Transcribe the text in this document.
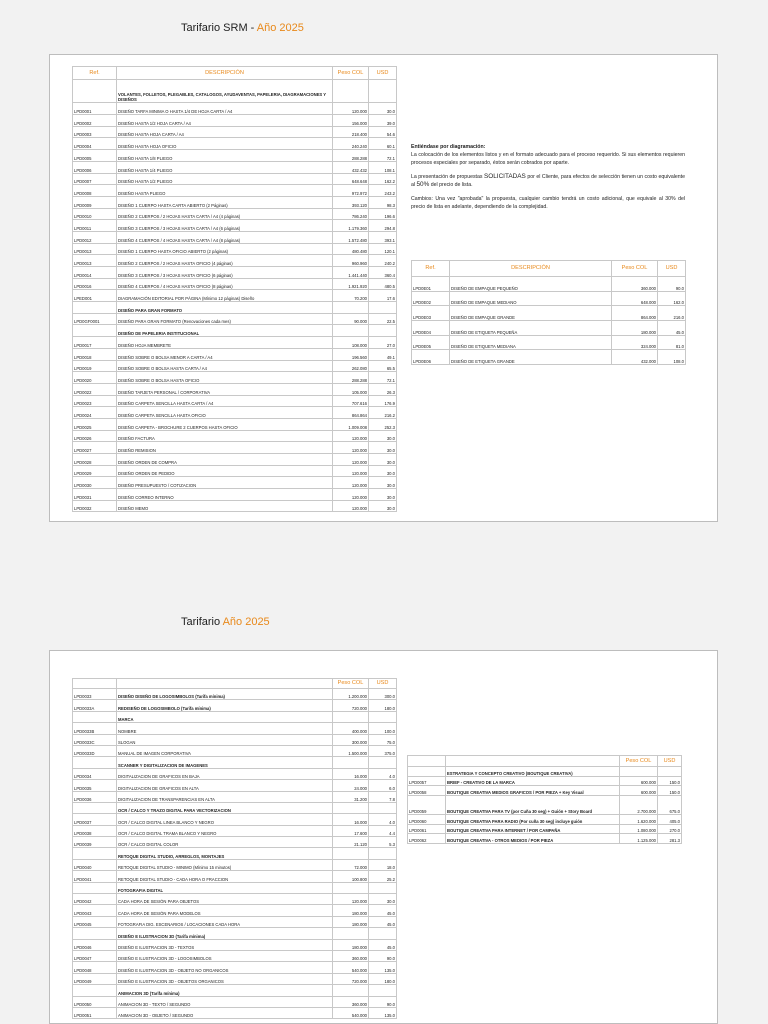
Tarifario SRM - Año 2025
Ref.	DESCRIPCIÓN	Peso COL	USD
	VOLANTES, FOLLETOS, PLEGABLES, CATALOGOS, AYUDAVENTAS, PAPELERIA, DIAGRAMACIONES Y DISEÑOS		
LPD0001	DISEÑO TARFA MINIMA O HASTA 1/4 DE HOJA CARTA / A4	120.000	30.0
LPD0002	DISEÑO HASTA 1/2 HOJA CARTA / A4	156.000	39.0
LPD0003	DISEÑO HASTA HOJA CARTA / A4	218.400	54.6
LPD0004	DISEÑO HASTA HOJA OFICIO	240.240	60.1
LPD0005	DISEÑO HASTA 1/8 PLIEGO	288.288	72.1
LPD0006	DISEÑO HASTA 1/4 PLIEGO	432.432	108.1
LPD0007	DISEÑO HASTA 1/2 PLIEGO	648.648	162.2
LPD0008	DISEÑO HASTA PLIEGO	972.972	243.2
LPD0009	DISEÑO 1 CUERPO HASTA CARTA ABIERTO (2 Páginas)	393.120	98.3
LPD0010	DISEÑO 2 CUERPOS / 2 HOJAS HASTA CARTA / A4 (4 páginas)	786.240	196.6
LPD0011	DISEÑO 3 CUERPOS / 3 HOJAS HASTA CARTA / A4 (6 páginas)	1.179.360	294.8
LPD0012	DISEÑO 4 CUERPOS / 4 HOJAS HASTA CARTA / A4 (8 páginas)	1.572.480	393.1
LPD0013	DISEÑO 1 CUERPO HASTA OFICIO ABIERTO (2 páginas)	480.480	120.1
LPD0013	DISEÑO 2 CUERPOS / 2 HOJAS HASTA OFICIO (4 páginas)	960.960	240.2
LPD0014	DISEÑO 3 CUERPOS / 3 HOJAS HASTA OFICIO (6 páginas)	1.441.440	360.4
LPD0016	DISEÑO 4 CUERPOS / 4 HOJAS HASTA OFICIO (8 páginas)	1.921.920	480.5
LPED001	DIAGRAMACIÓN EDITORIAL POR PÁGINA (Mínimo 12 páginas) Diseño	70.200	17.6
	DISEÑO PARA GRAN FORMATO		
LPD0GF0001	DISEÑO PARA GRAN FORMATO (Renovaciones cada mes)	90.000	22.5
	DISEÑO DE PAPELERIA INSTITUCIONAL		
LPD0017	DISEÑO HOJA MEMBRETE	108.000	27.0
LPD0018	DISEÑO SOBRE O BOLSA MENOR A CARTA / A4	196.560	49.1
LPD0019	DISEÑO SOBRE O BOLSA HASTA CARTA / A4	262.080	65.5
LPD0020	DISEÑO SOBRE O BOLSA HASTA OFICIO	288.288	72.1
LPD0022	DISEÑO TARJETA PERSONAL / CORPORATIVA	105.000	26.3
LPD0023	DISEÑO CARPETA SENCILLA HASTA CARTA / A4	707.616	176.9
LPD0024	DISEÑO CARPETA SENCILLA HASTA OFICIO	864.864	216.2
LPD0025	DISEÑO CARPETA - BROCHURE 2 CUERPOS HASTA OFICIO	1.009.008	252.3
LPD0026	DISEÑO FACTURA	120.000	30.0
LPD0027	DISEÑO REMISION	120.000	30.0
LPD0028	DISEÑO ORDEN DE COMPRA	120.000	30.0
LPD0029	DISEÑO ORDEN DE PEDIDO	120.000	30.0
LPD0030	DISEÑO PRESUPUESTO / COTIZACION	120.000	30.0
LPD0031	DISEÑO CORREO INTERNO	120.000	30.0
LPD0032	DISEÑO MEMO	120.000	30.0

Entiéndase por diagramación:

La colocación de los elementos listos y en el formato adecuado para el proceso requerido. Si sus elementos requieren procesos especiales por separado, éstos serán cobrados por aparte.

La presentación de propuestas SOLICITADAS por el Cliente, para efectos de selección tienen un costo equivalente al 50% del precio de lista.

Cambios: Una vez "aprobada" la propuesta, cualquier cambio tendrá un costo adicional, que equivale al 30% del precio de lista en adelante, dependiendo de la complejidad.

Ref.	DESCRIPCIÓN	Peso COL	USD
LPD0E01	DISEÑO DE EMPAQUE PEQUEÑO	360.000	90.0
LPD0E02	DISEÑO DE EMPAQUE MEDIANO	648.000	162.0
LPD0E03	DISEÑO DE EMPAQUE GRANDE	864.000	216.0
LPD0E04	DISEÑO DE ETIQUETA PEQUEÑA	180.000	45.0
LPD0E05	DISEÑO DE ETIQUETA MEDIANA	324.000	81.0
LPD0E06	DISEÑO DE ETIQUETA GRANDE	432.000	108.0
Tarifario Año 2025
		Peso COL	USD
LPD0033	DISEÑO DISEÑO DE LOGOSIMBOLOS (Tarifa mínima)	1.200.000	300.0
LPD0033A	REDISEÑO DE LOGOSIMBOLO (Tarifa mínima)	720.000	180.0
	MARCA		
LPD0033B	NOMBRE	400.000	100.0
LPD0033C	SLOGAN	300.000	75.0
LPD0033D	MANUAL DE IMAGEN CORPORATIVA	1.500.000	375.0
	SCANNER Y DIGITALIZACION DE IMAGENES		
LPD0034	DIGITALIZACION DE GRAFICOS EN BAJA	16.000	4.0
LPD0035	DIGITALIZACION DE GRAFICOS EN ALTA	24.000	6.0
LPD0036	DIGITALIZACION DE TRANSPARENCIAS EN ALTA	31.200	7.8
	OCR / CALCO Y TRAZO DIGITAL PARA VECTORIZACION		
LPD0037	OCR / CALCO DIGITAL LINEA BLANCO Y NEGRO	16.000	4.0
LPD0038	OCR / CALCO DIGITAL TRAMA BLANCO Y NEGRO	17.600	4.4
LPD0039	OCR / CALCO DIGITAL COLOR	21.120	5.3
	RETOQUE DIGITAL STUDIO, ARREGLOS, MONTAJES		
LPD0040	RETOQUE DIGITAL STUDIO - MINIMO (Mínimo 15 minutos)	72.000	18.0
LPD0041	RETOQUE DIGITAL STUDIO - CADA HORA O FRACCION	100.800	25.2
	FOTOGRAFIA DIGITAL		
LPD0042	CADA HORA DE SESIÓN PARA OBJETOS	120.000	30.0
LPD0043	CADA HORA DE SESIÓN PARA MODELOS	180.000	45.0
LPD0045	FOTOGRAFIA DIG. ESCENARIOS / LOCACIONES CADA HORA	180.000	45.0
	DISEÑO E ILUSTRACION 3D (Tarifa mínima)		
LPD0046	DISEÑO E ILUSTRACION 3D - TEXTOS	180.000	45.0
LPD0047	DISEÑO E ILUSTRACION 3D - LOGOSIMBOLOS	360.000	90.0
LPD0048	DISEÑO E ILUSTRACION 3D - OBJETO NO ORGANICOS	540.000	135.0
LPD0049	DISEÑO E ILUSTRACION 3D - OBJETOS ORGANICOS	720.000	180.0
	ANIMACION 3D (Tarifa mínima)		
LPD0050	ANIMACION 3D - TEXTO / SEGUNDO	360.000	90.0
LPD0051	ANIMACION 3D - OBJETO / SEGUNDO	540.000	135.0
		Peso COL	USD
	ESTRATEGIA Y CONCEPTO CREATIVO (BOUTIQUE CREATIVA)		
LPD0057	BRIEF - CREATIVO DE LA MARCA	600.000	150.0
LPD0058	BOUTIQUE CREATIVA MEDIOS GRAFICOS / POR PIEZA + Key Visual	600.000	150.0
LPD0059	BOUTIQUE CREATIVA PARA TV (por Cuña 30 seg) + Guión + Story Board	2.700.000	675.0
LPD0060	BOUTIQUE CREATIVA PARA RADIO (Por cuña 30 seg) incluye guión	1.620.000	405.0
LPD0061	BOUTIQUE CREATIVA PARA INTERNET / POR CAMPAÑA	1.080.000	270.0
LPD0062	BOUTIQUE CREATIVA - OTROS MEDIOS / POR PIEZA	1.125.000	281.3
